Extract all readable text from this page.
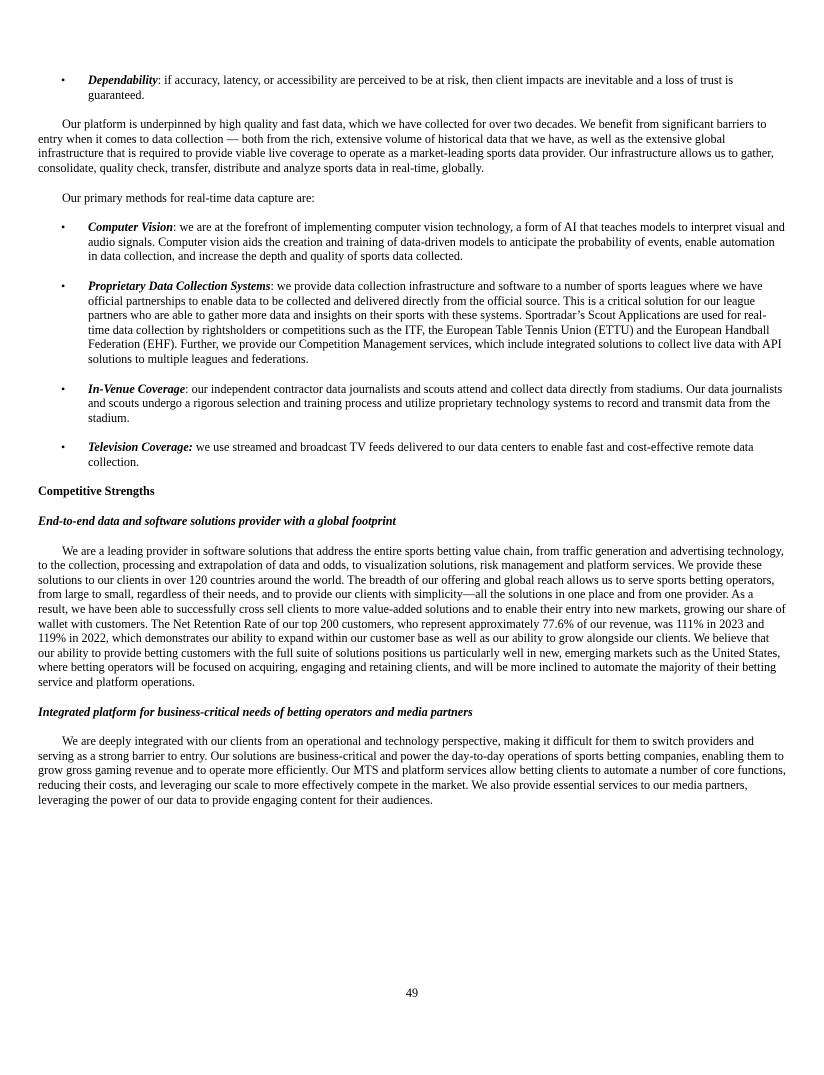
• Dependability: if accuracy, latency, or accessibility are perceived to be at risk, then client impacts are inevitable and a loss of trust is guaranteed.

Our platform is underpinned by high quality and fast data, which we have collected for over two decades. We benefit from significant barriers to entry when it comes to data collection — both from the rich, extensive volume of historical data that we have, as well as the extensive global infrastructure that is required to provide viable live coverage to operate as a market-leading sports data provider. Our infrastructure allows us to gather, consolidate, quality check, transfer, distribute and analyze sports data in real-time, globally.

Our primary methods for real-time data capture are:

• Computer Vision: we are at the forefront of implementing computer vision technology, a form of AI that teaches models to interpret visual and audio signals. Computer vision aids the creation and training of data-driven models to anticipate the probability of events, enable automation in data collection, and increase the depth and quality of sports data collected.
• Proprietary Data Collection Systems: we provide data collection infrastructure and software to a number of sports leagues where we have official partnerships to enable data to be collected and delivered directly from the official source. This is a critical solution for our league partners who are able to gather more data and insights on their sports with these systems. Sportradar’s Scout Applications are used for real-time data collection by rightsholders or competitions such as the ITF, the European Table Tennis Union (ETTU) and the European Handball Federation (EHF). Further, we provide our Competition Management services, which include integrated solutions to collect live data with API solutions to multiple leagues and federations.
• In-Venue Coverage: our independent contractor data journalists and scouts attend and collect data directly from stadiums. Our data journalists and scouts undergo a rigorous selection and training process and utilize proprietary technology systems to record and transmit data from the stadium.
• Television Coverage: we use streamed and broadcast TV feeds delivered to our data centers to enable fast and cost-effective remote data collection.
Competitive Strengths
End-to-end data and software solutions provider with a global footprint

We are a leading provider in software solutions that address the entire sports betting value chain, from traffic generation and advertising technology, to the collection, processing and extrapolation of data and odds, to visualization solutions, risk management and platform services. We provide these solutions to our clients in over 120 countries around the world. The breadth of our offering and global reach allows us to serve sports betting operators, from large to small, regardless of their needs, and to provide our clients with simplicity—all the solutions in one place and from one provider. As a result, we have been able to successfully cross sell clients to more value-added solutions and to enable their entry into new markets, growing our share of wallet with customers. The Net Retention Rate of our top 200 customers, who represent approximately 77.6% of our revenue, was 111% in 2023 and 119% in 2022, which demonstrates our ability to expand within our customer base as well as our ability to grow alongside our clients. We believe that our ability to provide betting customers with the full suite of solutions positions us particularly well in new, emerging markets such as the United States, where betting operators will be focused on acquiring, engaging and retaining clients, and will be more inclined to automate the majority of their betting service and platform operations.

Integrated platform for business-critical needs of betting operators and media partners

We are deeply integrated with our clients from an operational and technology perspective, making it difficult for them to switch providers and serving as a strong barrier to entry. Our solutions are business-critical and power the day-to-day operations of sports betting companies, enabling them to grow gross gaming revenue and to operate more efficiently. Our MTS and platform services allow betting clients to automate a number of core functions, reducing their costs, and leveraging our scale to more effectively compete in the market. We also provide essential services to our media partners, leveraging the power of our data to provide engaging content for their audiences.

49
